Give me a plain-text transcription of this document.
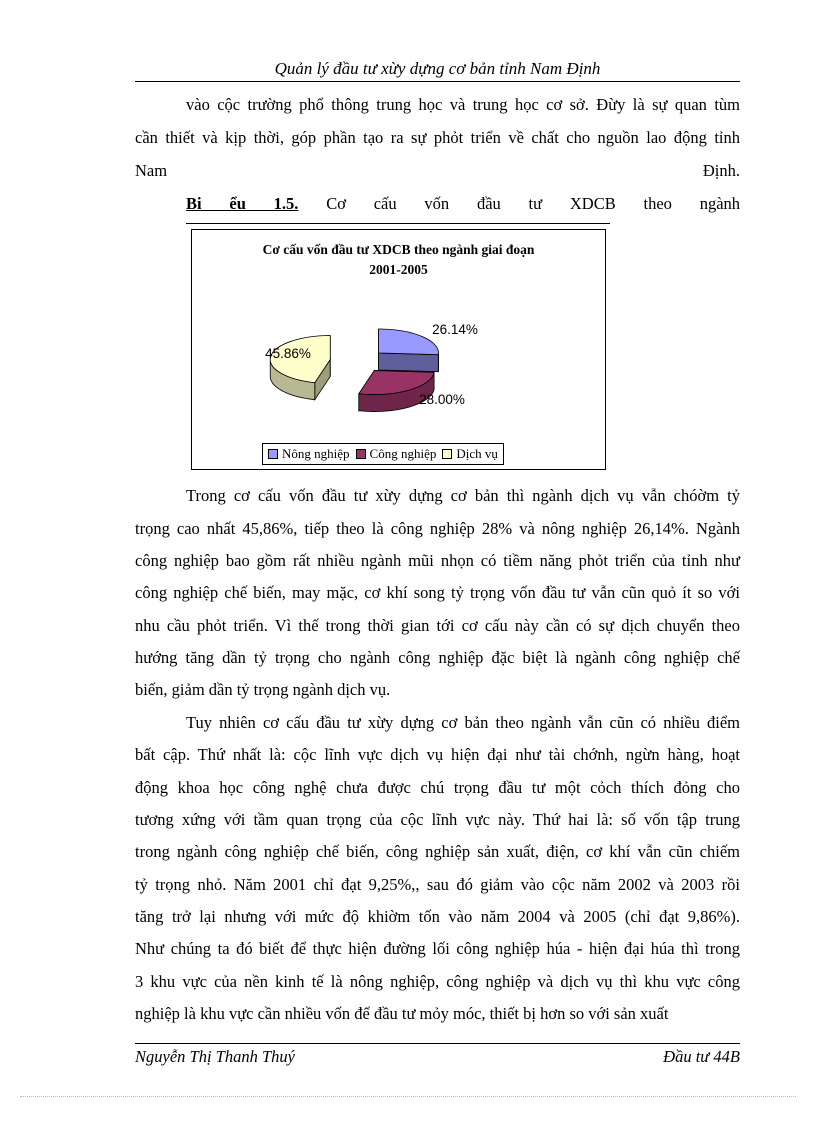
Quản lý đầu tư xừy dựng cơ bản tỉnh Nam Định
vào cộc trường phổ thông trung học và trung học cơ sở. Đừy là sự quan tùm
cần thiết và kịp thời, góp phần tạo ra sự phỏt triển về chất cho nguồn lao động tỉnh
Nam	Định.
Bi ểu 1.5. Cơ cấu vốn đầu tư XDCB theo ngành
Cơ cấu vốn đầu tư XDCB theo ngành giai đoạn
2001-2005
26.14%
28.00%
45.86%
Nông nghiệp Công nghiệp Dịch vụ
Trong cơ cấu vốn đầu tư xừy dựng cơ bản thì ngành dịch vụ vẫn chóờm tỷ
trọng cao nhất 45,86%, tiếp theo là công nghiệp 28% và nông nghiệp 26,14%. Ngành
công nghiệp bao gồm rất nhiều ngành mũi nhọn có tiềm năng phỏt triển của tỉnh như
công nghiệp chế biến, may mặc, cơ khí song tỷ trọng vốn đầu tư vẫn cũn quỏ ít so với
nhu cầu phỏt triển. Vì thế trong thời gian tới cơ cấu này cần có sự dịch chuyển theo
hướng tăng dần tỷ trọng cho ngành công nghiệp đặc biệt là ngành công nghiệp chế
biến, giảm dần tỷ trọng ngành dịch vụ.
Tuy nhiên cơ cấu đầu tư xừy dựng cơ bản theo ngành vẫn cũn có nhiều điểm
bất cập. Thứ nhất là: cộc lĩnh vực dịch vụ hiện đại như tài chớnh, ngừn hàng, hoạt
động khoa học công nghệ chưa được chú trọng đầu tư một cỏch thích đỏng cho
tương xứng với tầm quan trọng của cộc lĩnh vực này. Thứ hai là: số vốn tập trung
trong ngành công nghiệp chế biến, công nghiệp sản xuất, điện, cơ khí vẫn cũn chiếm
tỷ trọng nhỏ. Năm 2001 chỉ đạt 9,25%,, sau đó giảm vào cộc năm 2002 và 2003 rồi
tăng trở lại nhưng với mức độ khiờm tốn vào năm 2004 và 2005 (chỉ đạt 9,86%).
Như chúng ta đó biết để thực hiện đường lối công nghiệp húa - hiện đại húa thì trong
3 khu vực của nền kinh tế là nông nghiệp, công nghiệp và dịch vụ thì khu vực công
nghiệp là khu vực cần nhiều vốn để đầu tư mỏy móc, thiết bị hơn so với sản xuất
Nguyễn Thị Thanh Thuý	Đầu tư 44B
